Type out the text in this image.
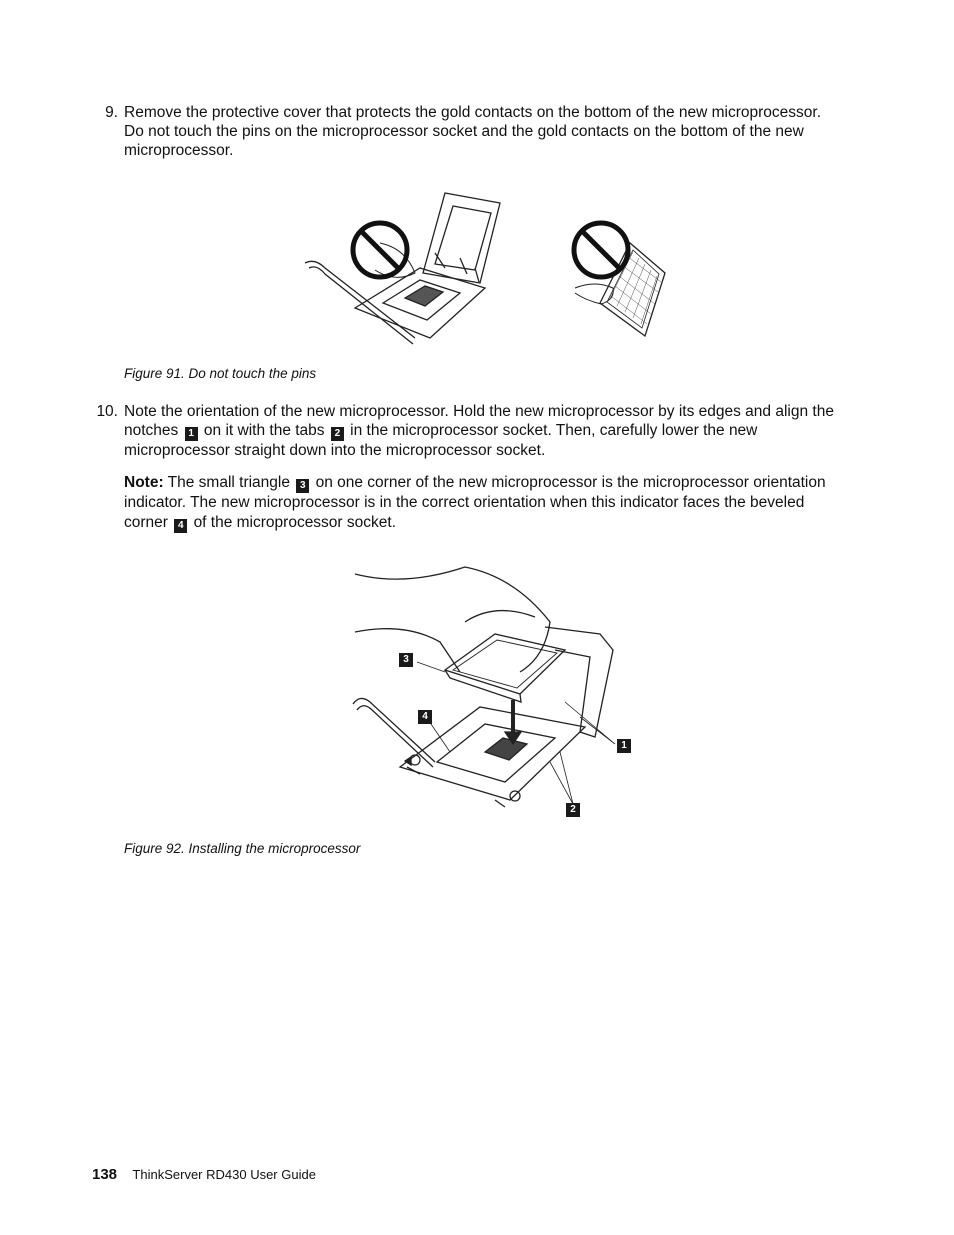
9. Remove the protective cover that protects the gold contacts on the bottom of the new microprocessor. Do not touch the pins on the microprocessor socket and the gold contacts on the bottom of the new microprocessor.

Figure 91. Do not touch the pins
10. Note the orientation of the new microprocessor. Hold the new microprocessor by its edges and align the notches 1 on it with the tabs 2 in the microprocessor socket. Then, carefully lower the new microprocessor straight down into the microprocessor socket.

Note: The small triangle 3 on one corner of the new microprocessor is the microprocessor orientation indicator. The new microprocessor is in the correct orientation when this indicator faces the beveled corner 4 of the microprocessor socket.
3
4
1
2
Figure 92. Installing the microprocessor
138 ThinkServer RD430 User Guide
